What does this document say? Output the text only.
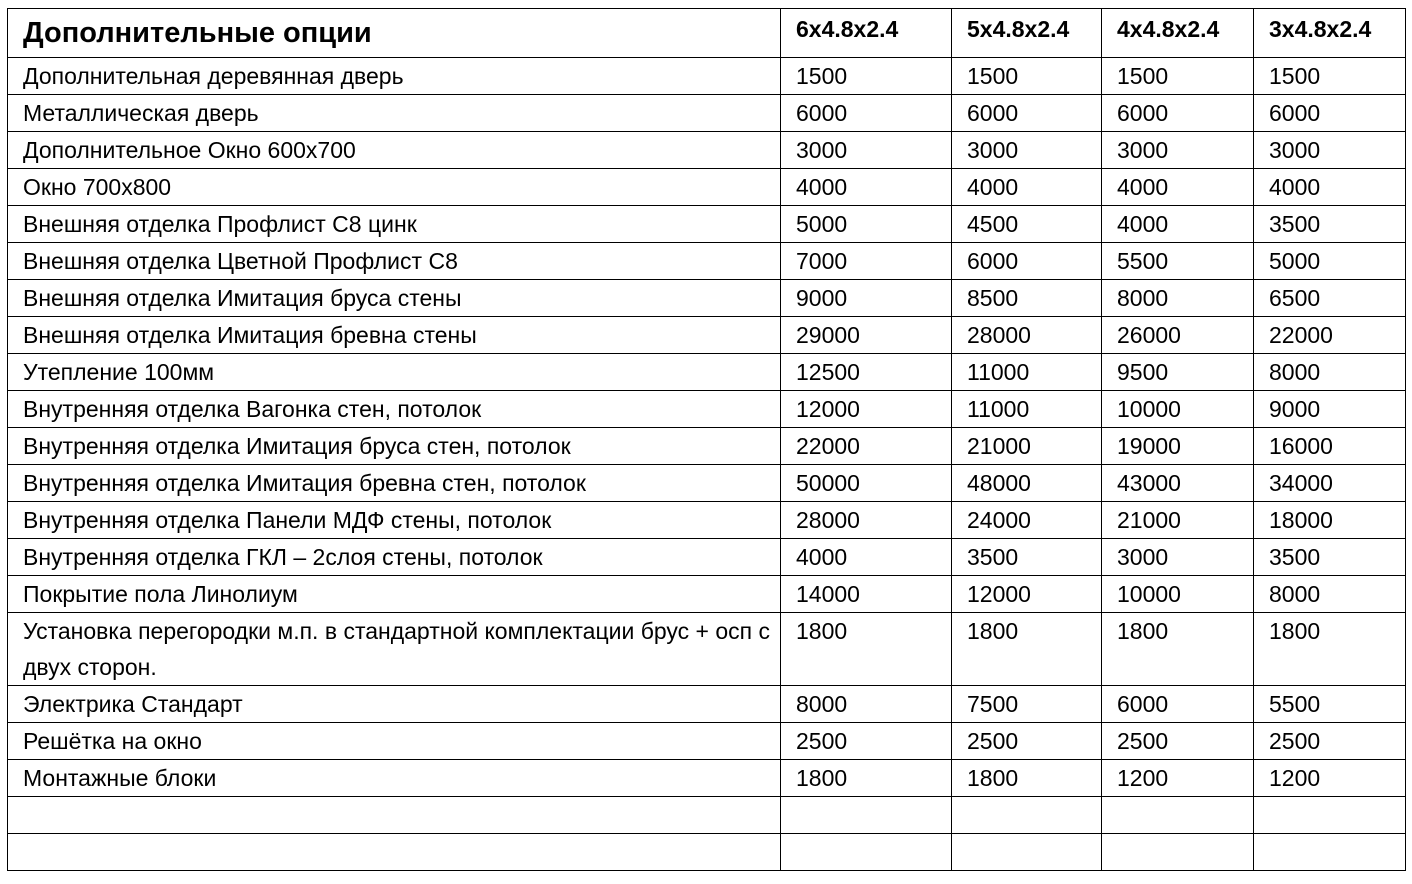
Дополнительные опции	6x4.8x2.4	5x4.8x2.4	4x4.8x2.4	3x4.8x2.4
Дополнительная деревянная дверь	1500	1500	1500	1500
Металлическая дверь	6000	6000	6000	6000
Дополнительное Окно 600х700	3000	3000	3000	3000
Окно 700х800	4000	4000	4000	4000
Внешняя отделка Профлист С8 цинк	5000	4500	4000	3500
Внешняя отделка Цветной Профлист С8	7000	6000	5500	5000
Внешняя отделка Имитация бруса стены	9000	8500	8000	6500
Внешняя отделка Имитация бревна стены	29000	28000	26000	22000
Утепление 100мм	12500	11000	9500	8000
Внутренняя отделка Вагонка стен, потолок	12000	11000	10000	9000
Внутренняя отделка Имитация бруса стен, потолок	22000	21000	19000	16000
Внутренняя отделка Имитация бревна стен, потолок	50000	48000	43000	34000
Внутренняя отделка Панели МДФ стены, потолок	28000	24000	21000	18000
Внутренняя отделка ГКЛ – 2слоя стены, потолок	4000	3500	3000	3500
Покрытие пола Линолиум	14000	12000	10000	8000
Установка перегородки м.п. в стандартной комплектации брус + осп с двух сторон.	1800	1800	1800	1800
Электрика Стандарт	8000	7500	6000	5500
Решётка на окно	2500	2500	2500	2500
Монтажные блоки	1800	1800	1200	1200
